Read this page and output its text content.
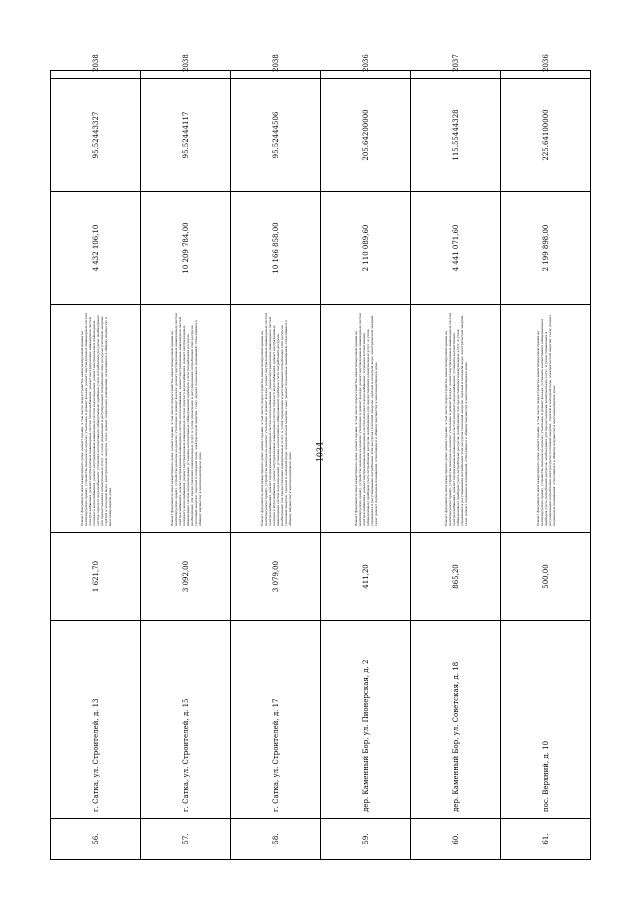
1034
56.	г. Сатка, ул. Строителей, д. 13	1 621,70	Ремонт фундамента многоквартирного дома; ремонт крыши, в том числе переустройство невентилируемой крыши на вентилируемую крышу, устройство выходов на кровлю; утепление и ремонт фасада; ремонт внутридомовых инженерных систем электроснабжения, ремонт внутридомовых инженерных систем теплоснабжения, ремонт внутридомовых инженерных систем холодного водоснабжения, ремонт внутридомовых инженерных систем водоотведения, ремонт внутридомовых инженерных систем горячего водоснабжения; установка коллективных (общедомовых) приборов учета потребления ресурсов, необходимых для предоставления коммунальных услуг, и узлов управления и регулирования потребления этих ресурсов (тепловой энергии, горячей и холодной воды, электрической энергии, газа); ремонт подвальных помещений, относящихся к общему имуществу в многоквартирном доме	4 432 106,10	95.52443327	2038
57.	г. Сатка, ул. Строителей, д. 15	3 092,00	Ремонт фундамента многоквартирного дома; ремонт крыши, в том числе переустройство невентилируемой крыши на вентилируемую крышу, устройство выходов на кровлю; утепление и ремонт фасада; ремонт внутридомовых инженерных систем электроснабжения, ремонт внутридомовых инженерных систем теплоснабжения, ремонт внутридомовых инженерных систем холодного водоснабжения, ремонт внутридомовых инженерных систем горячего водоснабжения, ремонт внутридомовых инженерных систем водоотведения; установка коллективных (общедомовых) приборов учета потребления ресурсов, необходимых для предоставления коммунальных услуг, и узлов управления и регулирования потребления этих ресурсов (тепловой энергии, горячей и холодной воды, электрической энергии, газа); ремонт подвальных помещений, относящихся к общему имуществу в многоквартирном доме	10 209 784,00	95.52444117	2038
58.	г. Сатка, ул. Строителей, д. 17	3 079,00	Ремонт фундамента многоквартирного дома; ремонт крыши, в том числе переустройство невентилируемой крыши на вентилируемую крышу, устройство выходов на кровлю; утепление и ремонт фасада; ремонт внутридомовых инженерных систем электроснабжения, ремонт внутридомовых инженерных систем теплоснабжения, ремонт внутридомовых инженерных систем холодного водоснабжения, ремонт внутридомовых инженерных систем горячего водоснабжения, ремонт внутридомовых инженерных систем водоотведения; установка коллективных (общедомовых) приборов учета потребления ресурсов, необходимых для предоставления коммунальных услуг, и узлов управления и регулирования потребления этих ресурсов (тепловой энергии, горячей и холодной воды, электрической энергии, газа); ремонт подвальных помещений, относящихся к общему имуществу в многоквартирном доме	10 166 858,00	95.52444506	2038
59.	дер. Каменный Бор, ул. Пионерская, д. 2	411,20	Ремонт фундамента многоквартирного дома; ремонт крыши, в том числе переустройство невентилируемой крыши на вентилируемую крышу, устройство выходов на кровлю; утепление и ремонт фасада; ремонт внутридомовых инженерных систем электроснабжения, ремонт внутридомовых инженерных систем холодного водоснабжения; установка коллективных (общедомовых) приборов учета потребления ресурсов, необходимых для предоставления коммунальных услуг, и узлов управления и регулирования потребления этих ресурсов (тепловой энергии, горячей и холодной воды, электрической энергии, газа); ремонт подвальных помещений, относящихся к общему имуществу в многоквартирном доме	2 110 089,60	205.64200000	2036
60.	дер. Каменный Бор, ул. Советская, д. 18	865,20	Ремонт фундамента многоквартирного дома; ремонт крыши, в том числе переустройство невентилируемой крыши на вентилируемую крышу, устройство выходов на кровлю; утепление и ремонт фасада; ремонт внутридомовых инженерных систем электроснабжения, ремонт внутридомовых инженерных систем холодного водоснабжения; установка коллективных (общедомовых) приборов учета потребления ресурсов, необходимых для предоставления коммунальных услуг, и узлов управления и регулирования потребления этих ресурсов (тепловой энергии, горячей и холодной воды, электрической энергии, газа); ремонт подвальных помещений, относящихся к общему имуществу в многоквартирном доме	4 441 071,60	115.55444328	2037
61.	пос. Верхний, д. 10	500,00	Ремонт фундамента многоквартирного дома; ремонт крыши, в том числе переустройство невентилируемой крыши на вентилируемую крышу, устройство выходов на кровлю; утепление и ремонт фасада; установка коллективных (общедомовых) приборов учета потребления ресурсов, необходимых для предоставления коммунальных услуг, и узлов управления и регулирования потребления этих ресурсов (тепловой энергии, горячей и холодной воды, электрической энергии, газа); ремонт подвальных помещений, относящихся к общему имуществу в многоквартирном доме	2 199 898,00	225.64100000	2036
